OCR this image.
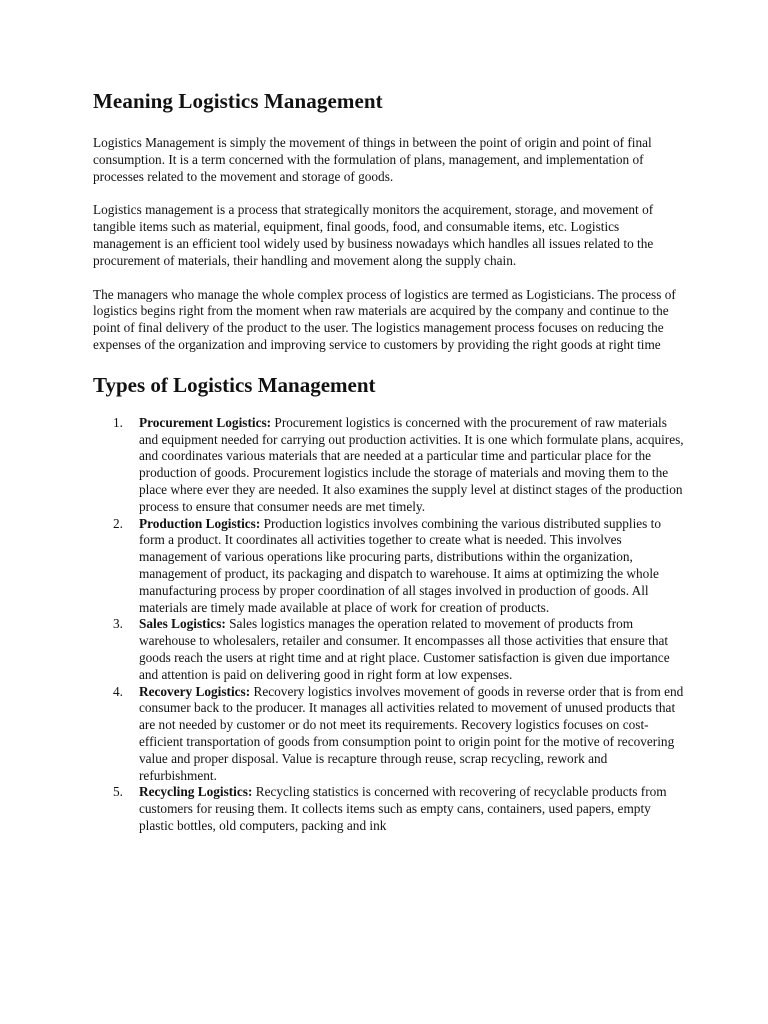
Meaning Logistics Management

Logistics Management is simply the movement of things in between the point of origin and point of final consumption. It is a term concerned with the formulation of plans, management, and implementation of processes related to the movement and storage of goods.

Logistics management is a process that strategically monitors the acquirement, storage, and movement of tangible items such as material, equipment, final goods, food, and consumable items, etc. Logistics management is an efficient tool widely used by business nowadays which handles all issues related to the procurement of materials, their handling and movement along the supply chain.

The managers who manage the whole complex process of logistics are termed as Logisticians. The process of logistics begins right from the moment when raw materials are acquired by the company and continue to the point of final delivery of the product to the user. The logistics management process focuses on reducing the expenses of the organization and improving service to customers by providing the right goods at right time

Types of Logistics Management
1.	Procurement Logistics: Procurement logistics is concerned with the procurement of raw materials and equipment needed for carrying out production activities. It is one which formulate plans, acquires, and coordinates various materials that are needed at a particular time and particular place for the production of goods. Procurement logistics include the storage of materials and moving them to the place where ever they are needed. It also examines the supply level at distinct stages of the production process to ensure that consumer needs are met timely.
2.	Production Logistics: Production logistics involves combining the various distributed supplies to form a product. It coordinates all activities together to create what is needed. This involves management of various operations like procuring parts, distributions within the organization, management of product, its packaging and dispatch to warehouse. It aims at optimizing the whole manufacturing process by proper coordination of all stages involved in production of goods. All materials are timely made available at place of work for creation of products.
3.	Sales Logistics: Sales logistics manages the operation related to movement of products from warehouse to wholesalers, retailer and consumer. It encompasses all those activities that ensure that goods reach the users at right time and at right place. Customer satisfaction is given due importance and attention is paid on delivering good in right form at low expenses.
4.	Recovery Logistics: Recovery logistics involves movement of goods in reverse order that is from end consumer back to the producer. It manages all activities related to movement of unused products that are not needed by customer or do not meet its requirements. Recovery logistics focuses on cost-efficient transportation of goods from consumption point to origin point for the motive of recovering value and proper disposal. Value is recapture through reuse, scrap recycling, rework and refurbishment.
5.	Recycling Logistics: Recycling statistics is concerned with recovering of recyclable products from customers for reusing them. It collects items such as empty cans, containers, used papers, empty plastic bottles, old computers, packing and ink
